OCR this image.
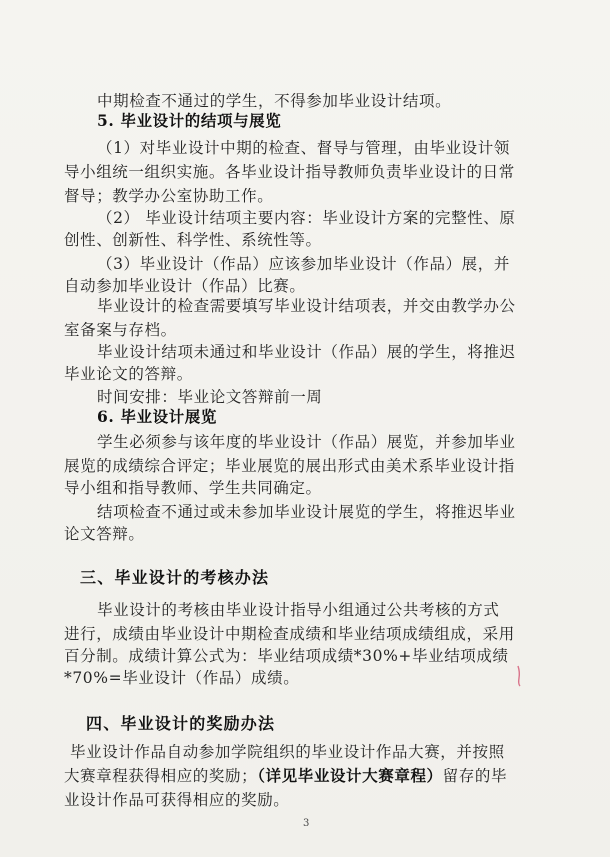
中期检查不通过的学生，不得参加毕业设计结项。
5. 毕业设计的结项与展览
（1）对毕业设计中期的检查、督导与管理，由毕业设计领
导小组统一组织实施。各毕业设计指导教师负责毕业设计的日常
督导；教学办公室协助工作。
（2） 毕业设计结项主要内容：毕业设计方案的完整性、原
创性、创新性、科学性、系统性等。
（3）毕业设计（作品）应该参加毕业设计（作品）展，并
自动参加毕业设计（作品）比赛。
毕业设计的检查需要填写毕业设计结项表，并交由教学办公
室备案与存档。
毕业设计结项未通过和毕业设计（作品）展的学生，将推迟
毕业论文的答辩。
时间安排：毕业论文答辩前一周
6. 毕业设计展览
学生必须参与该年度的毕业设计（作品）展览，并参加毕业
展览的成绩综合评定；毕业展览的展出形式由美术系毕业设计指
导小组和指导教师、学生共同确定。
结项检查不通过或未参加毕业设计展览的学生，将推迟毕业
论文答辩。
三、毕业设计的考核办法
毕业设计的考核由毕业设计指导小组通过公共考核的方式
进行，成绩由毕业设计中期检查成绩和毕业结项成绩组成，采用
百分制。成绩计算公式为：毕业结项成绩*30%+毕业结项成绩
*70%=毕业设计（作品）成绩。
四、毕业设计的奖励办法
毕业设计作品自动参加学院组织的毕业设计作品大赛，并按照
大赛章程获得相应的奖励；（详见毕业设计大赛章程）留存的毕
业设计作品可获得相应的奖励。
3
